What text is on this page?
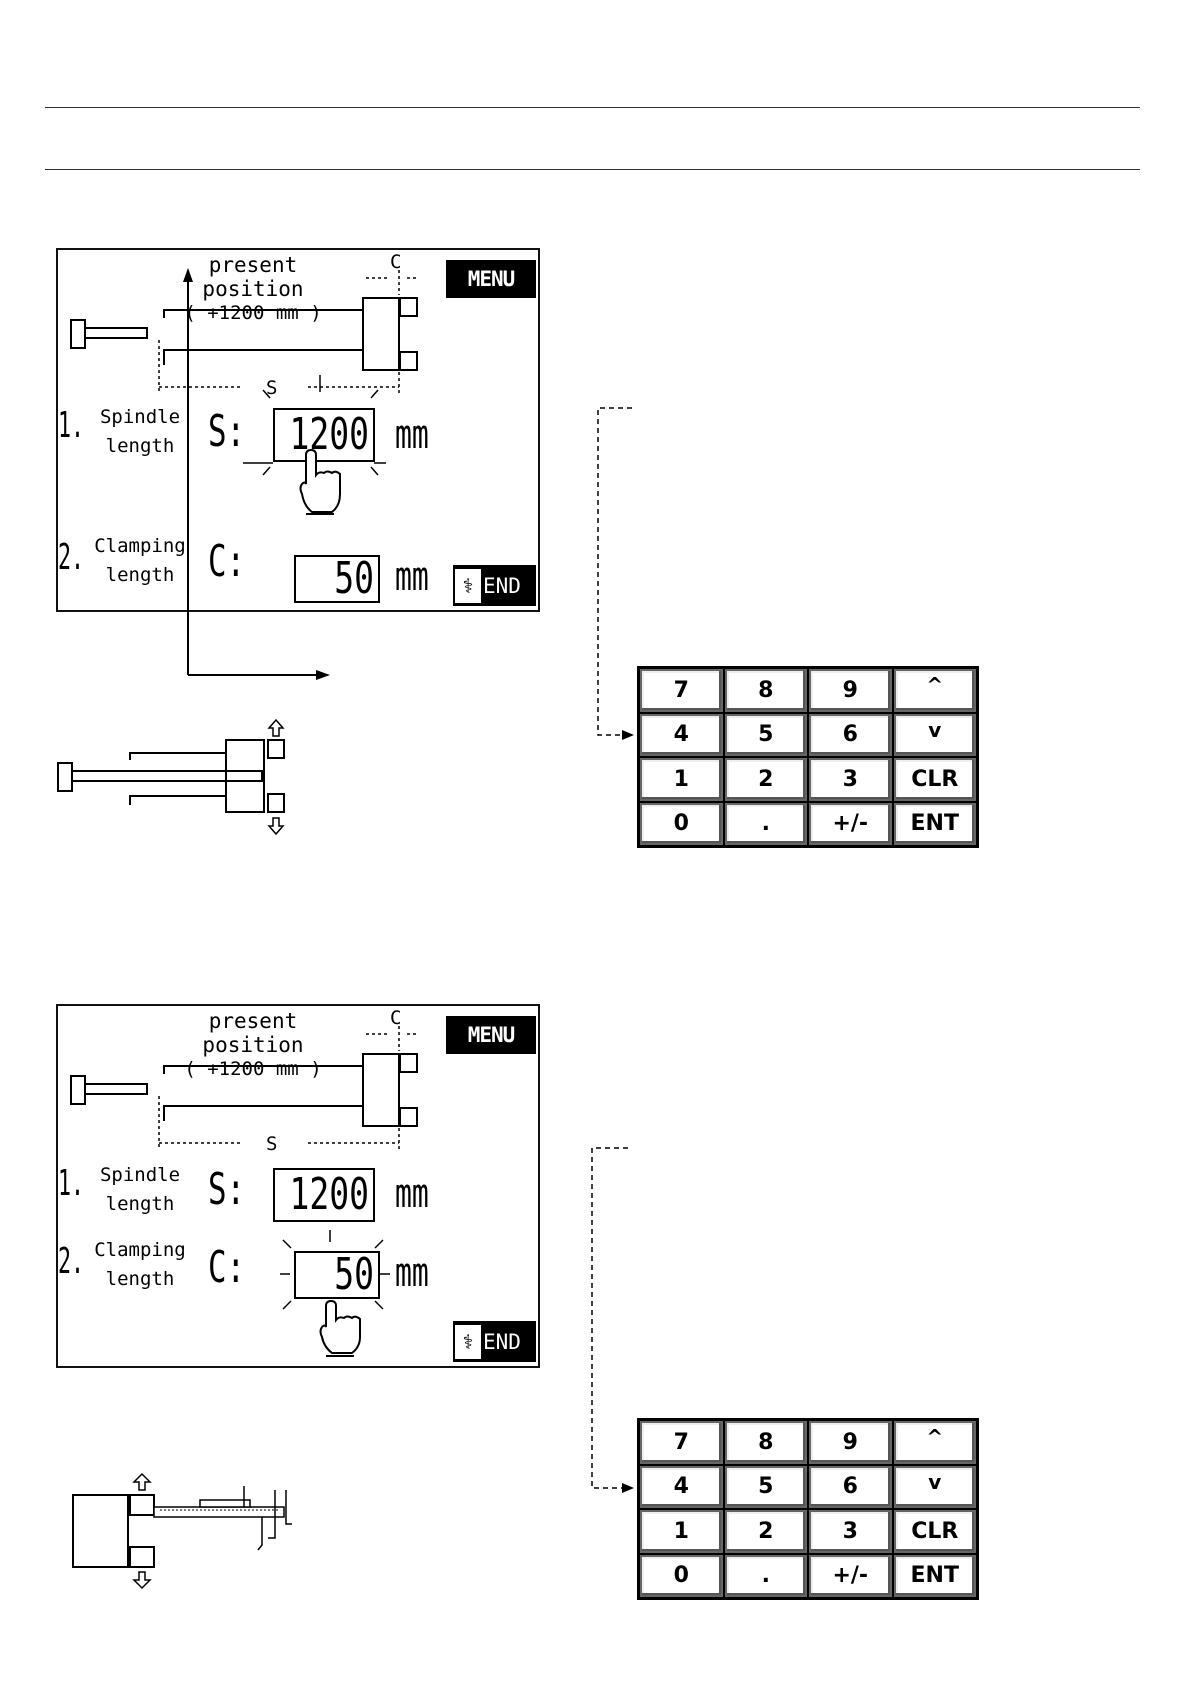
present position
( +1200 mm )
MENU
C
S
1. Spindle
length S: 1200 mm
2. Clamping
length C: 50 mm	⚕ END
7	8	9	^
4	5	6	v
1	2	3	CLR
0	.	+/-	ENT
present position
( +1200 mm )
MENU
C
S
1. Spindle
length S: 1200 mm
2. Clamping
length C: 50 mm
⚕ END
7	8	9	^
4	5	6	v
1	2	3	CLR
0	.	+/-	ENT
